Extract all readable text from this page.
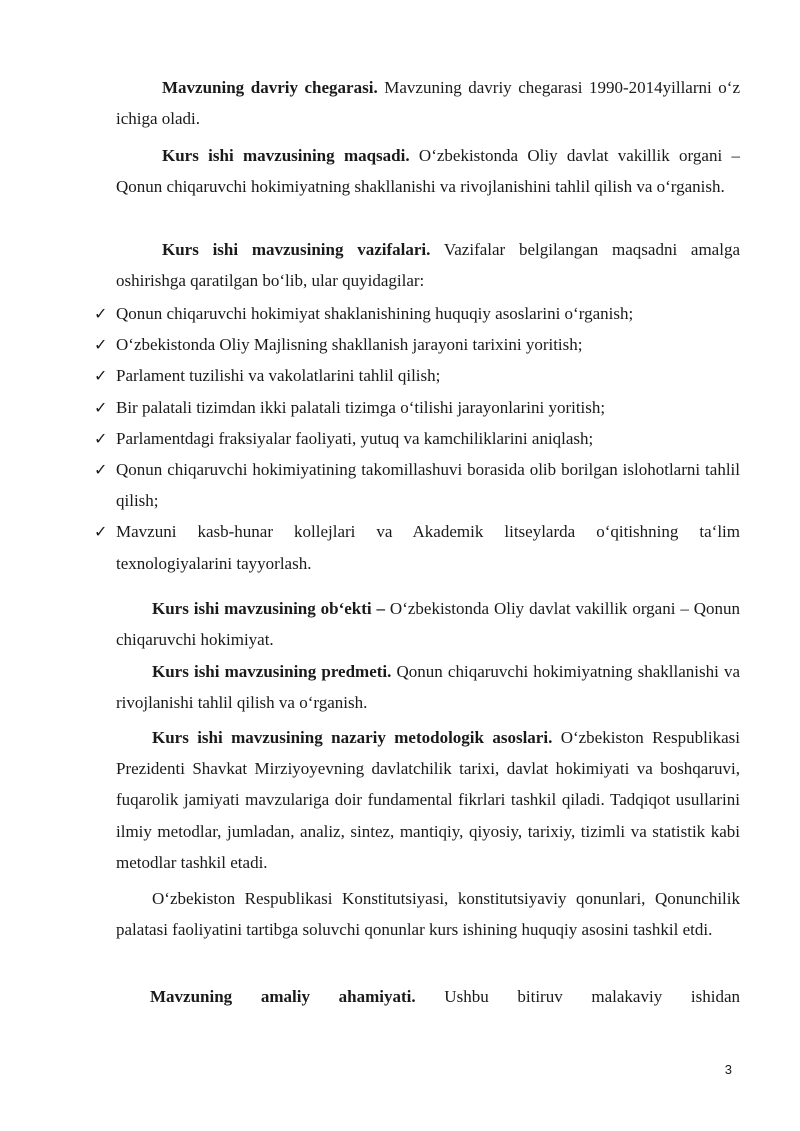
Mavzuning davriy chegarasi. Mavzuning davriy chegarasi 1990-2014yillarni o‘z ichiga oladi.
Kurs ishi mavzusining maqsadi. O‘zbekistonda Oliy davlat vakillik organi – Qonun chiqaruvchi hokimiyatning shakllanishi va rivojlanishini tahlil qilish va o‘rganish.
Kurs ishi mavzusining vazifalari. Vazifalar belgilangan maqsadni amalga oshirishga qaratilgan bo‘lib, ular quyidagilar:
✓ Qonun chiqaruvchi hokimiyat shaklanishining huquqiy asoslarini o‘rganish;
✓ O‘zbekistonda Oliy Majlisning shakllanish jarayoni tarixini yoritish;
✓ Parlament tuzilishi va vakolatlarini tahlil qilish;
✓ Bir palatali tizimdan ikki palatali tizimga o‘tilishi jarayonlarini yoritish;
✓ Parlamentdagi fraksiyalar faoliyati, yutuq va kamchiliklarini aniqlash;
✓ Qonun chiqaruvchi hokimiyatining takomillashuvi borasida olib borilgan islohotlarni tahlil qilish;
✓ Mavzuni kasb-hunar kollejlari va Akademik litseylarda o‘qitishning ta‘lim texnologiyalarini tayyorlash.
Kurs ishi mavzusining ob‘ekti – O‘zbekistonda Oliy davlat vakillik organi – Qonun chiqaruvchi hokimiyat.
Kurs ishi mavzusining predmeti. Qonun chiqaruvchi hokimiyatning shakllanishi va rivojlanishi tahlil qilish va o‘rganish.
Kurs ishi mavzusining nazariy metodologik asoslari. O‘zbekiston Respublikasi Prezidenti Shavkat Mirziyoyevning davlatchilik tarixi, davlat hokimiyati va boshqaruvi, fuqarolik jamiyati mavzulariga doir fundamental fikrlari tashkil qiladi. Tadqiqot usullarini ilmiy metodlar, jumladan, analiz, sintez, mantiqiy, qiyosiy, tarixiy, tizimli va statistik kabi metodlar tashkil etadi.
O‘zbekiston Respublikasi Konstitutsiyasi, konstitutsiyaviy qonunlari, Qonunchilik palatasi faoliyatini tartibga soluvchi qonunlar kurs ishining huquqiy asosini tashkil etdi.
Mavzuning amaliy ahamiyati. Ushbu bitiruv malakaviy ishidan
3
